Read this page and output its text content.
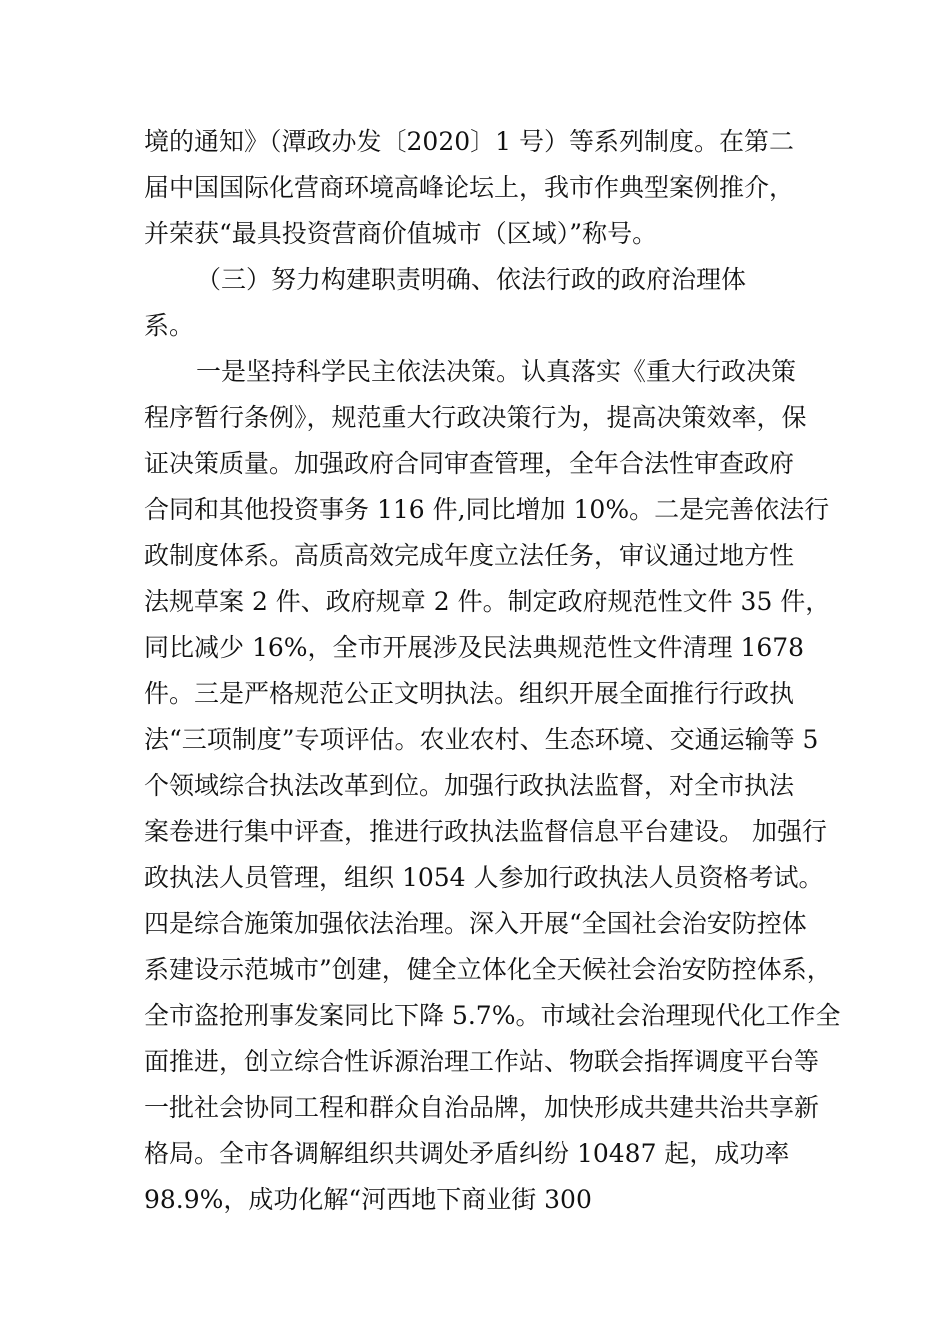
境的通知》（潭政办发〔2020〕1 号）等系列制度。在第二
届中国国际化营商环境高峰论坛上，我市作典型案例推介，
并荣获“最具投资营商价值城市（区域）”称号。
（三）努力构建职责明确、依法行政的政府治理体
系。
一是坚持科学民主依法决策。认真落实《重大行政决策
程序暂行条例》，规范重大行政决策行为，提高决策效率，保
证决策质量。加强政府合同审查管理，全年合法性审查政府
合同和其他投资事务 116 件,同比增加 10%。二是完善依法行
政制度体系。高质高效完成年度立法任务，审议通过地方性
法规草案 2 件、政府规章 2 件。制定政府规范性文件 35 件，
同比减少 16%，全市开展涉及民法典规范性文件清理 1678
件。三是严格规范公正文明执法。组织开展全面推行行政执
法“三项制度”专项评估。农业农村、生态环境、交通运输等 5
个领域综合执法改革到位。加强行政执法监督，对全市执法
案卷进行集中评查，推进行政执法监督信息平台建设。 加强行
政执法人员管理，组织 1054 人参加行政执法人员资格考试。
四是综合施策加强依法治理。深入开展“全国社会治安防控体
系建设示范城市”创建，健全立体化全天候社会治安防控体系，
全市盗抢刑事发案同比下降 5.7%。市域社会治理现代化工作全
面推进，创立综合性诉源治理工作站、物联会指挥调度平台等
一批社会协同工程和群众自治品牌，加快形成共建共治共享新
格局。全市各调解组织共调处矛盾纠纷 10487 起，成功率
98.9%，成功化解“河西地下商业街 300
